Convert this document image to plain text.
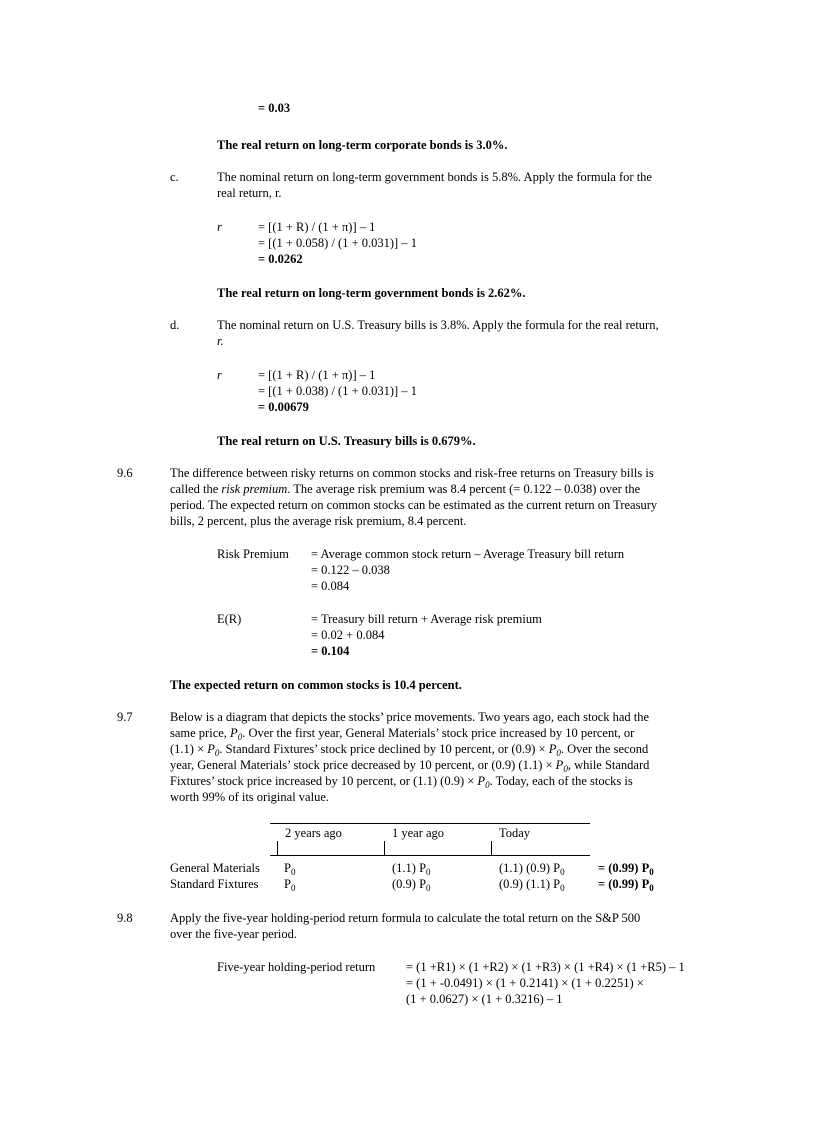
= 0.03
The real return on long-term corporate bonds is 3.0%.
c.	The nominal return on long-term government bonds is 5.8%. Apply the formula for the
real return, r.
r	= [(1 + R) / (1 + π)] – 1
= [(1 + 0.058) / (1 + 0.031)] – 1
= 0.0262
The real return on long-term government bonds is 2.62%.
d.	The nominal return on U.S. Treasury bills is 3.8%. Apply the formula for the real return,
r.
r	= [(1 + R) / (1 + π)] – 1
= [(1 + 0.038) / (1 + 0.031)] – 1
= 0.00679
The real return on U.S. Treasury bills is 0.679%.
9.6	The difference between risky returns on common stocks and risk-free returns on Treasury bills is
called the risk premium. The average risk premium was 8.4 percent (= 0.122 – 0.038) over the
period. The expected return on common stocks can be estimated as the current return on Treasury
bills, 2 percent, plus the average risk premium, 8.4 percent.
Risk Premium = Average common stock return – Average Treasury bill return
= 0.122 – 0.038
= 0.084
E(R)	= Treasury bill return + Average risk premium
= 0.02 + 0.084
= 0.104
The expected return on common stocks is 10.4 percent.
9.7	Below is a diagram that depicts the stocks’ price movements. Two years ago, each stock had the
same price, $P_0$. Over the first year, General Materials’ stock price increased by 10 percent, or
$(1.1) \times P_0$. Standard Fixtures’ stock price declined by 10 percent, or $(0.9) \times P_0$. Over the second
year, General Materials’ stock price decreased by 10 percent, or (0.9) $(1.1) \times P_0$, while Standard
Fixtures’ stock price increased by 10 percent, or (1.1) $(0.9) \times P_0$. Today, each of the stocks is
worth 99% of its original value.
2 years ago	1 year ago	Today
General Materials $P_0$	(1.1) $P_0$	(1.1) (0.9) $P_0$	= (0.99) $P_0$
Standard Fixtures $P_0$	(0.9) $P_0$	(0.9) (1.1) $P_0$	= (0.99) $P_0$
9.8	Apply the five-year holding-period return formula to calculate the total return on the S&P 500
over the five-year period.
Five-year holding-period return = (1 +R1) × (1 +R2) × (1 +R3) × (1 +R4) × (1 +R5) – 1
= (1 + -0.0491) × (1 + 0.2141) × (1 + 0.2251) ×
(1 + 0.0627) × (1 + 0.3216) – 1
